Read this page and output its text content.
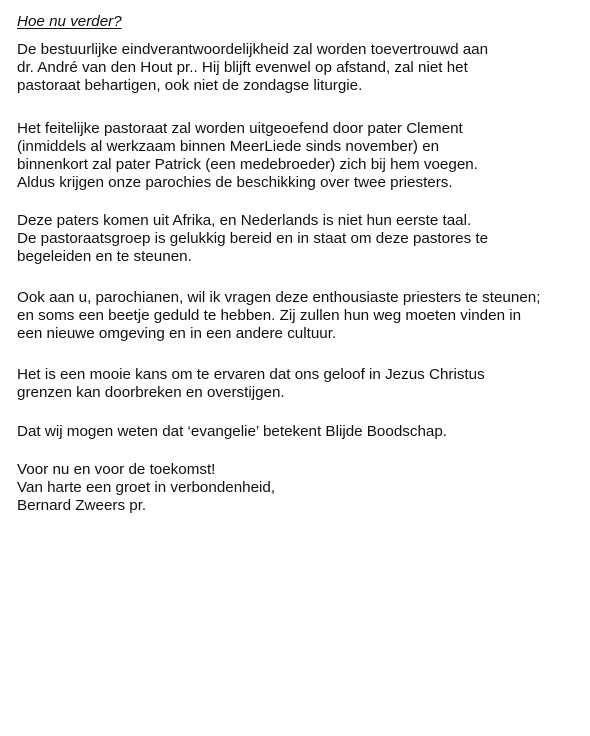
Hoe nu verder?
De bestuurlijke eindverantwoordelijkheid zal worden toevertrouwd aan
dr. André van den Hout pr.. Hij blijft evenwel op afstand, zal niet het
pastoraat behartigen, ook niet de zondagse liturgie.
Het feitelijke pastoraat zal worden uitgeoefend door pater Clement
(inmiddels al werkzaam binnen MeerLiede sinds november) en
binnenkort zal pater Patrick (een medebroeder) zich bij hem voegen.
Aldus krijgen onze parochies de beschikking over twee priesters.
Deze paters komen uit Afrika, en Nederlands is niet hun eerste taal.
De pastoraatsgroep is gelukkig bereid en in staat om deze pastores te
begeleiden en te steunen.
Ook aan u, parochianen, wil ik vragen deze enthousiaste priesters te steunen;
en soms een beetje geduld te hebben. Zij zullen hun weg moeten vinden in
een nieuwe omgeving en in een andere cultuur.
Het is een mooie kans om te ervaren dat ons geloof in Jezus Christus
grenzen kan doorbreken en overstijgen.
Dat wij mogen weten dat ‘evangelie’ betekent Blijde Boodschap.
Voor nu en voor de toekomst!
Van harte een groet in verbondenheid,
Bernard Zweers pr.
